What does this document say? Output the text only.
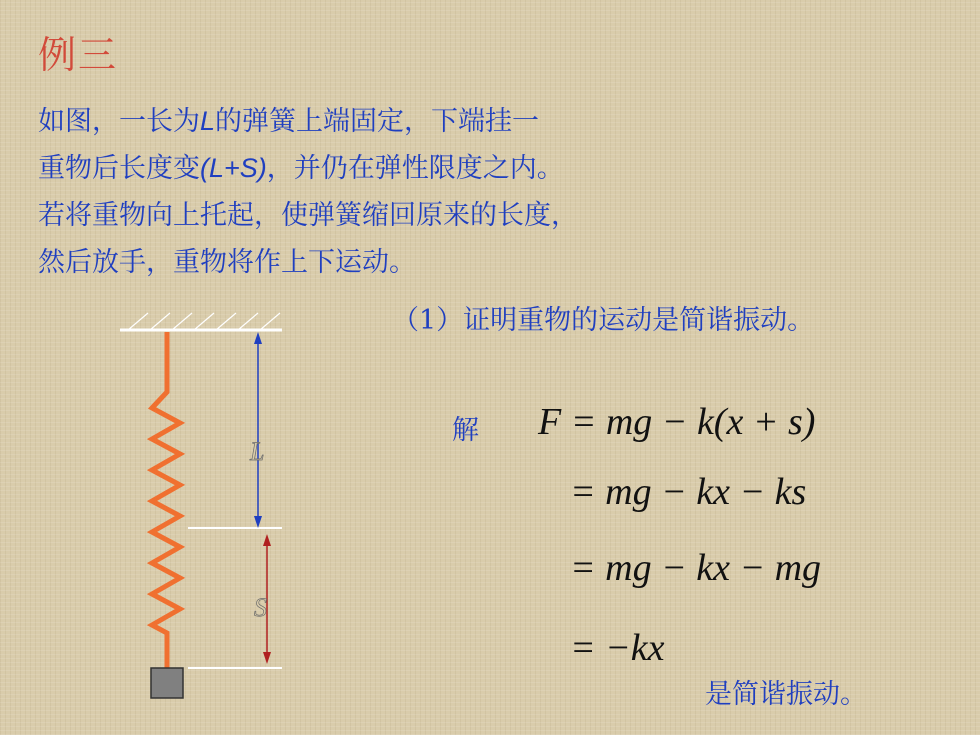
例三
如图，一长为L的弹簧上端固定，下端挂一
重物后长度变(L+S)，并仍在弹性限度之内。
若将重物向上托起，使弹簧缩回原来的长度，
然后放手，重物将作上下运动。
L
S
（1）证明重物的运动是简谐振动。
解 F = mg − k(x + s)
= mg − kx − ks
= mg − kx − mg
= −kx
是简谐振动。
